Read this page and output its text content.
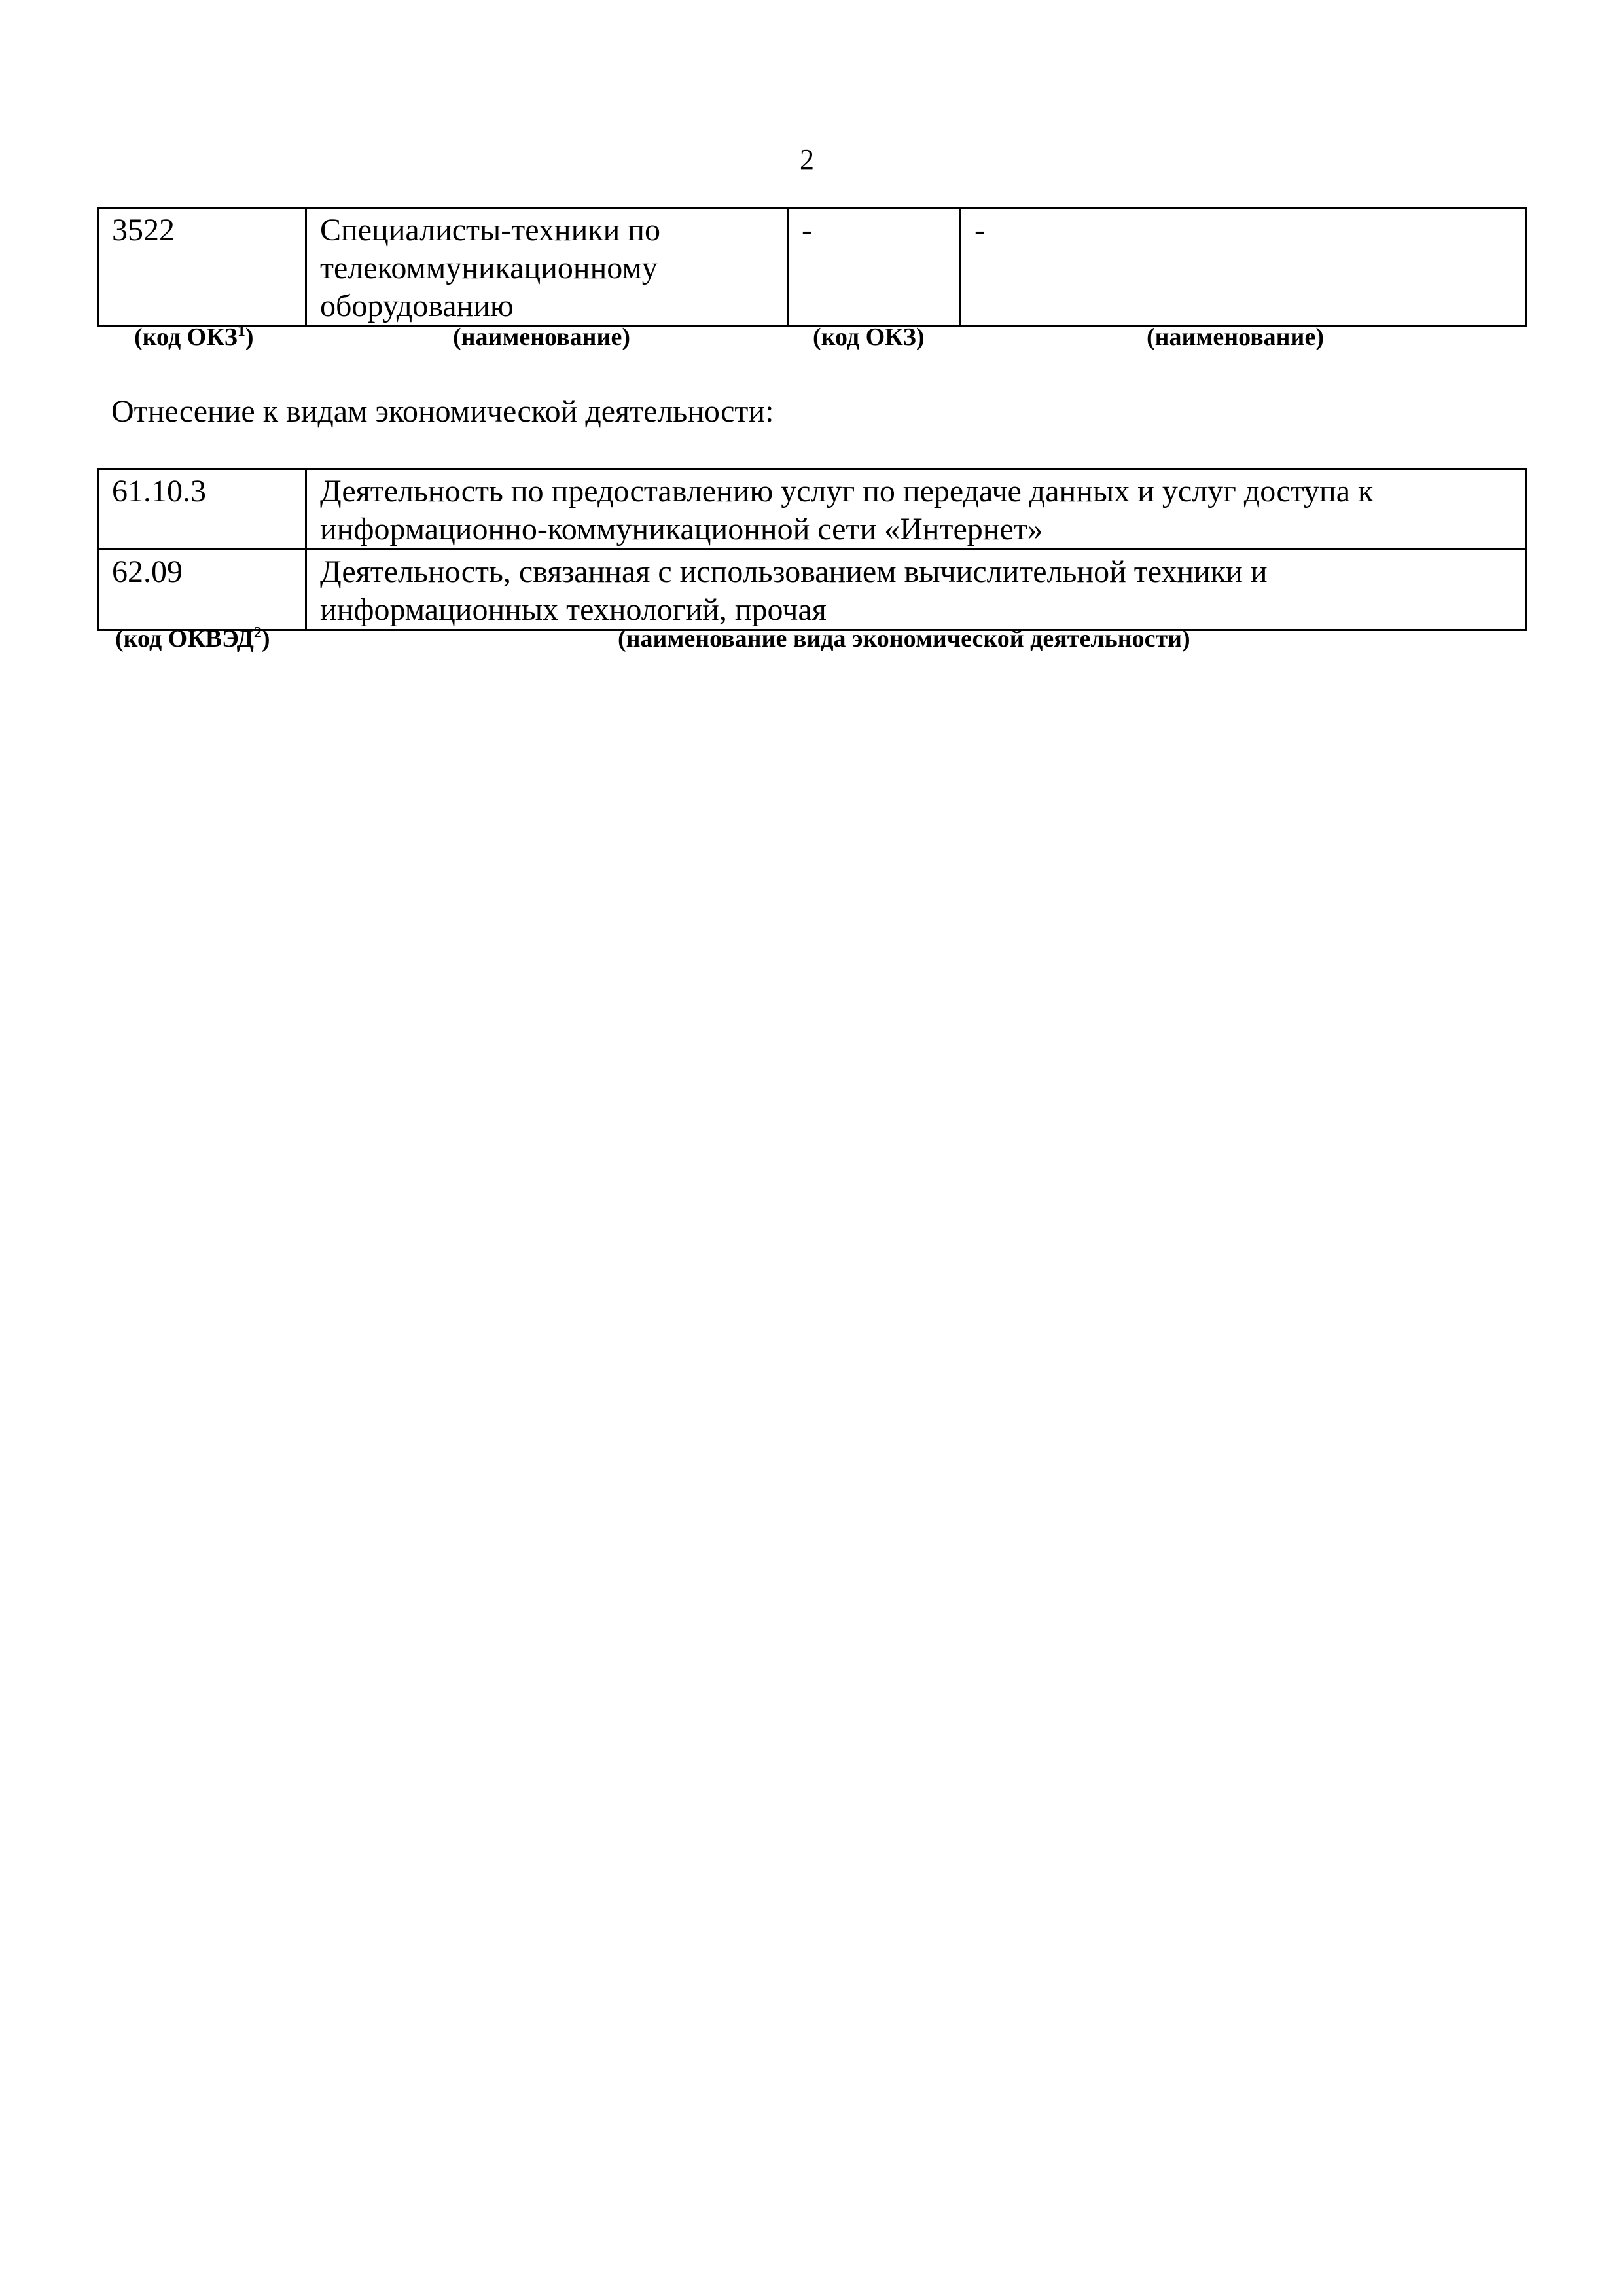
2
3522	Специалисты-техники по телекоммуникационному оборудованию	-	-
(код ОКЗ$^1$)	(наименование)	(код ОКЗ)	(наименование)
Отнесение к видам экономической деятельности:
61.10.3	Деятельность по предоставлению услуг по передаче данных и услуг доступа к информационно-коммуникационной сети «Интернет»
62.09	Деятельность, связанная с использованием вычислительной техники и информационных технологий, прочая
(код ОКВЭД$^2$)	(наименование вида экономической деятельности)
